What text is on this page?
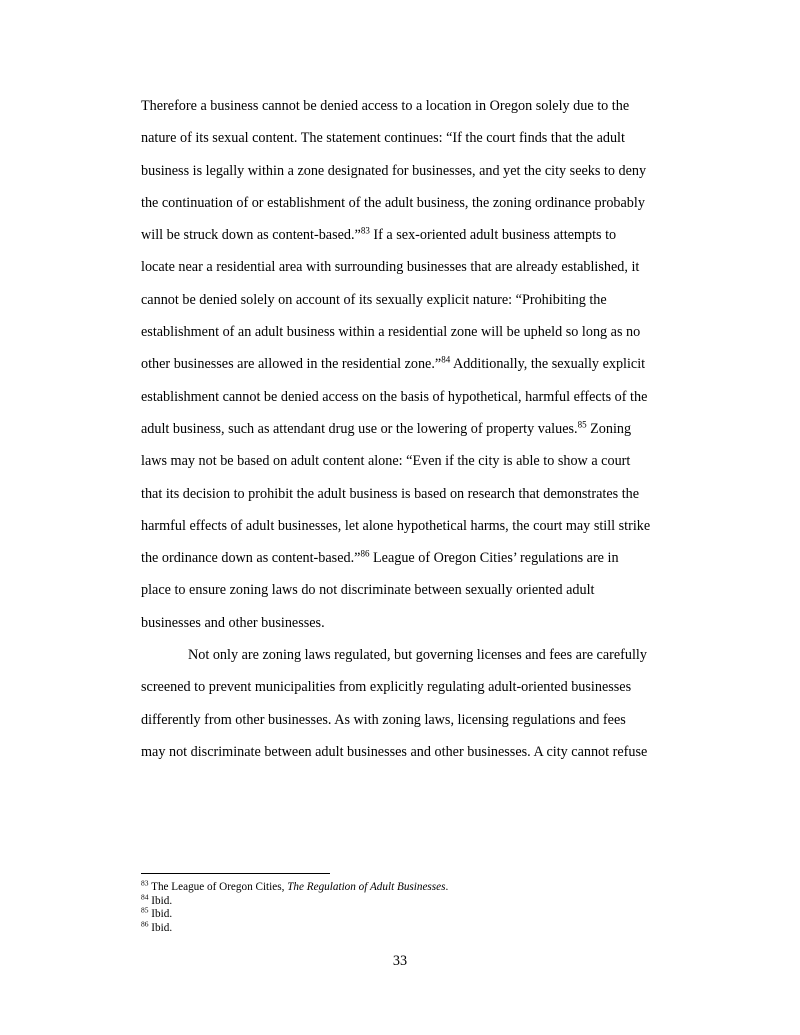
Therefore a business cannot be denied access to a location in Oregon solely due to the
nature of its sexual content. The statement continues: “If the court finds that the adult
business is legally within a zone designated for businesses, and yet the city seeks to deny
the continuation of or establishment of the adult business, the zoning ordinance probably
will be struck down as content-based.”$^{83}$ If a sex-oriented adult business attempts to
locate near a residential area with surrounding businesses that are already established, it
cannot be denied solely on account of its sexually explicit nature: “Prohibiting the
establishment of an adult business within a residential zone will be upheld so long as no
other businesses are allowed in the residential zone.”$^{84}$ Additionally, the sexually explicit
establishment cannot be denied access on the basis of hypothetical, harmful effects of the
adult business, such as attendant drug use or the lowering of property values.$^{85}$ Zoning
laws may not be based on adult content alone: “Even if the city is able to show a court
that its decision to prohibit the adult business is based on research that demonstrates the
harmful effects of adult businesses, let alone hypothetical harms, the court may still strike
the ordinance down as content-based.”$^{86}$ League of Oregon Cities’ regulations are in
place to ensure zoning laws do not discriminate between sexually oriented adult
businesses and other businesses.
Not only are zoning laws regulated, but governing licenses and fees are carefully
screened to prevent municipalities from explicitly regulating adult-oriented businesses
differently from other businesses. As with zoning laws, licensing regulations and fees
may not discriminate between adult businesses and other businesses. A city cannot refuse
$^{83}$ The League of Oregon Cities, The Regulation of Adult Businesses.
$^{84}$ Ibid.
$^{85}$ Ibid.
$^{86}$ Ibid.
33
